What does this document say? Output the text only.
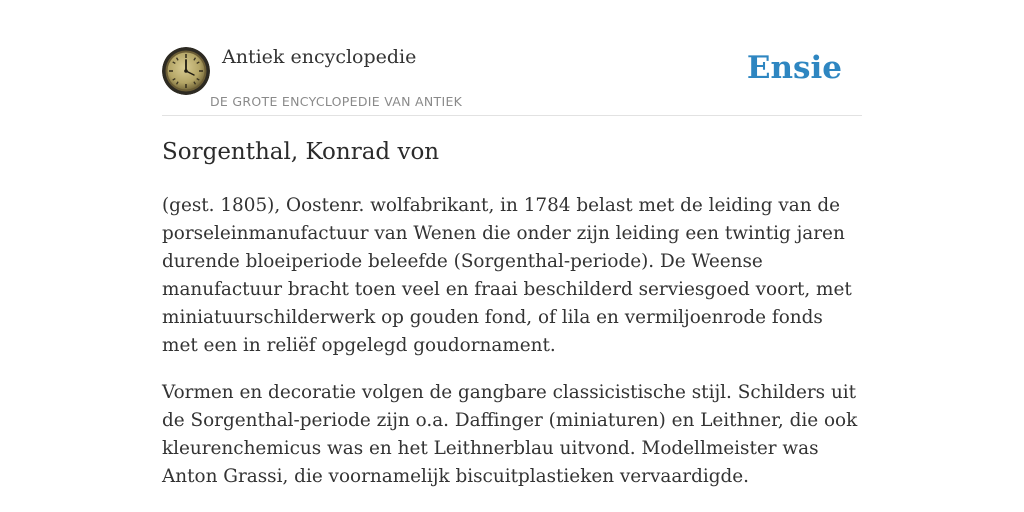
Antiek encyclopedie
DE GROTE ENCYCLOPEDIE VAN ANTIEK
Ensie
Sorgenthal, Konrad von

(gest. 1805), Oostenr. wolfabrikant, in 1784 belast met de leiding van de porseleinmanufactuur van Wenen die onder zijn leiding een twintig jaren durende bloeiperiode beleefde (Sorgenthal-periode). De Weense manufactuur bracht toen veel en fraai beschilderd serviesgoed voort, met miniatuurschilderwerk op gouden fond, of lila en vermiljoenrode fonds met een in reliëf opgelegd goudornament.

Vormen en decoratie volgen de gangbare classicistische stijl. Schilders uit de Sorgenthal-periode zijn o.a. Daffinger (miniaturen) en Leithner, die ook kleurenchemicus was en het Leithnerblau uitvond. Modellmeister was Anton Grassi, die voornamelijk biscuitplastieken vervaardigde.
